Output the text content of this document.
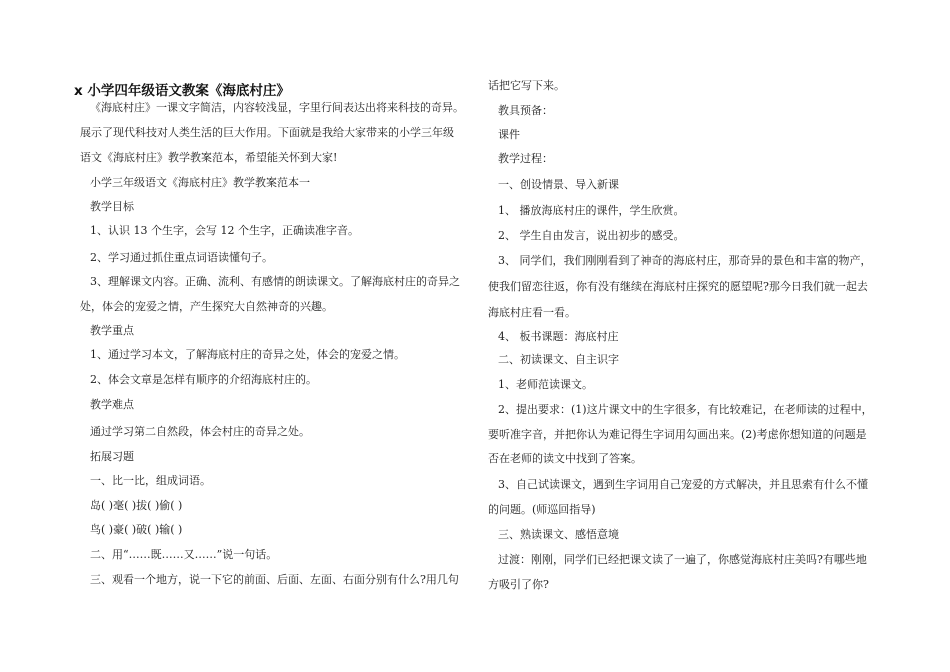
x 小学四年级语文教案《海底村庄》
《海底村庄》一课文字简洁，内容较浅显，字里行间表达出将来科技的奇异。
展示了现代科技对人类生活的巨大作用。下面就是我给大家带来的小学三年级
语文《海底村庄》教学教案范本，希望能关怀到大家!
小学三年级语文《海底村庄》教学教案范本一
教学目标
1、认识 13 个生字，会写 12 个生字，正确读准字音。
2、学习通过抓住重点词语读懂句子。
3、理解课文内容。正确、流利、有感情的朗读课文。了解海底村庄的奇异之
处，体会的宠爱之情，产生探究大自然神奇的兴趣。
教学重点
1、通过学习本文，了解海底村庄的奇异之处，体会的宠爱之情。
2、体会文章是怎样有顺序的介绍海底村庄的。
教学难点
通过学习第二自然段，体会村庄的奇异之处。
拓展习题
一、比一比，组成词语。
岛( )毫( )拔( )偷( )
鸟( )豪( )破( )输( )
二、用“……既……又……”说一句话。
三、观看一个地方，说一下它的前面、后面、左面、右面分别有什么?用几句
话把它写下来。
教具预备：
课件
教学过程：
一、创设情景、导入新课
1、 播放海底村庄的课件，学生欣赏。
2、 学生自由发言，说出初步的感受。
3、 同学们，我们刚刚看到了神奇的海底村庄，那奇异的景色和丰富的物产，
使我们留恋往返，你有没有继续在海底村庄探究的愿望呢?那今日我们就一起去
海底村庄看一看。
4、 板书课题：海底村庄
二、初读课文、自主识字
1、老师范读课文。
2、提出要求：(1)这片课文中的生字很多，有比较难记，在老师读的过程中，
要听准字音，并把你认为难记得生字词用勾画出来。(2)考虑你想知道的问题是
否在老师的读文中找到了答案。
3、自己试读课文，遇到生字词用自己宠爱的方式解决，并且思索有什么不懂
的问题。(师巡回指导)
三、熟读课文、感悟意境
过渡：刚刚，同学们已经把课文读了一遍了，你感觉海底村庄美吗?有哪些地
方吸引了你?
